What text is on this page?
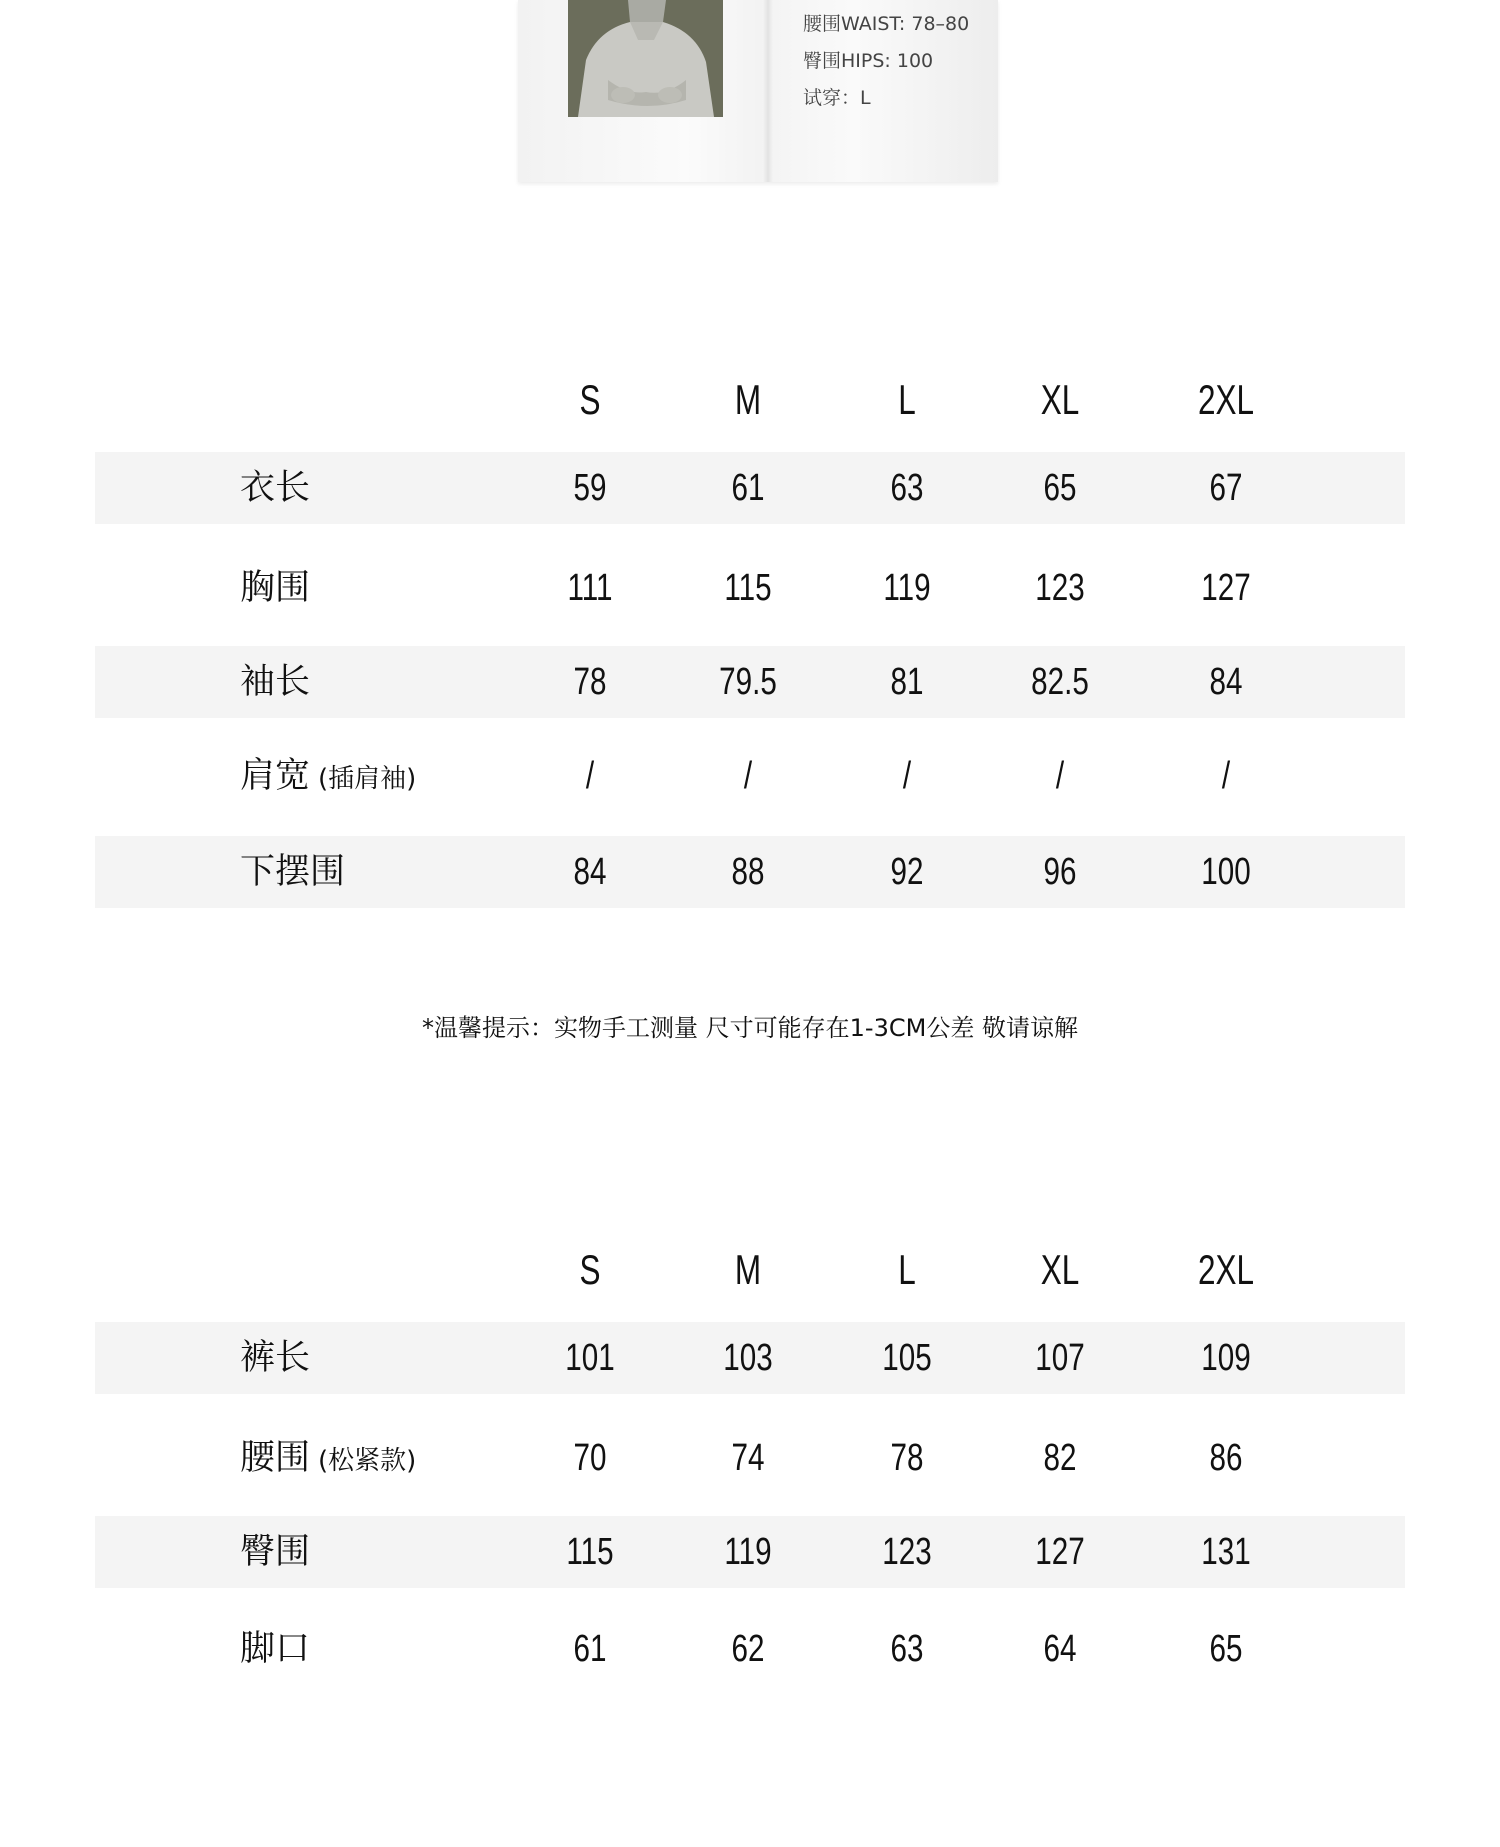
腰围WAIST: 78–80
臀围HIPS: 100
试穿：L
S	M	L	XL	2XL
衣长	59	61	63	65	67
胸围	111	115	119	123	127
袖长	78	79.5	81	82.5	84
肩宽 (插肩袖)	/	/	/	/	/
下摆围	84	88	92	96	100
*温馨提示：实物手工测量 尺寸可能存在1-3CM公差 敬请谅解
S	M	L	XL	2XL
裤长	101	103	105	107	109
腰围 (松紧款)	70	74	78	82	86
臀围	115	119	123	127	131
脚口	61	62	63	64	65
